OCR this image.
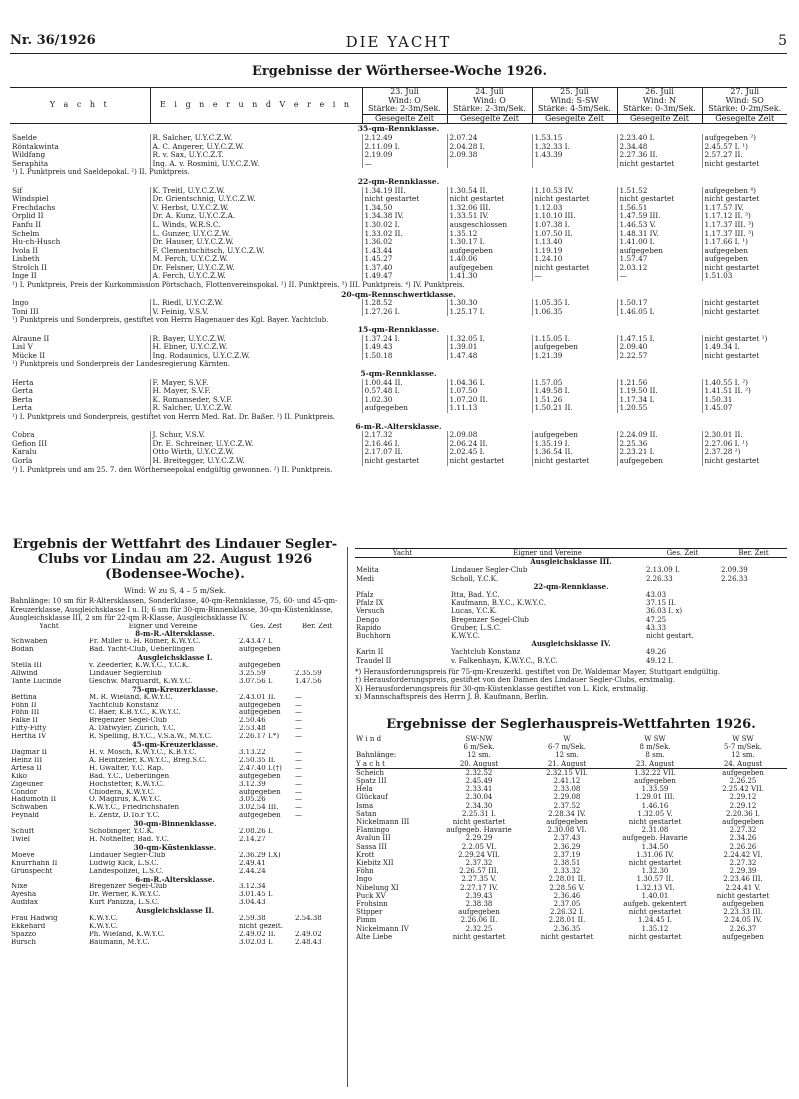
Nr. 36/1926	DIE YACHT	5
Ergebnisse der Wörthersee-Woche 1926.
Y a c h t	E i g n e r u n d V e r e i n	23. Juli	24. Juli	25. Juli	26. Juli	27. Juli
		Wind: O	Wind: O	Wind: S-SW	Wind: N	Wind: SO
		Stärke: 2-3m/Sek.	Stärke: 2-3m/Sek.	Stärke: 4-5m/Sek.	Stärke: 0-3m/Sek.	Stärke: 0-2m/Sek.
		Gesegelte Zeit	Gesegelte Zeit	Gesegelte Zeit	Gesegelte Zeit	Gesegelte Zeit
35-qm-Rennklasse.						
Saelde	R. Salcher, U.Y.C.Z.W.	2.12.49	2.07.24	1.53.15	2.23.40 I.	aufgegeben ²)
Röntakwinta	A. C. Angerer, U.Y.C.Z.W.	2.11.09 I.	2.04.28 I.	1.32.33 I.	2.34.48	2.45.57 I. ¹)
Wildfang	R. v. Sax, U.Y.C.Z.T.	2.19.09	2.09.38	1.43.39	2.27.36 II.	2.57.27 II.
Seraphita	Ing. A. v. Rosmini, U.Y.C.Z.W.	—			nicht gestartet	nicht gestartet
¹) I. Punktpreis und Saeldepokal. ²) II. Punktpreis.						
22-qm-Rennklasse.						
Sif	K. Treitl, U.Y.C.Z.W.	1.34.19 III.	1.30.54 II.	1.10.53 IV.	1.51.52	aufgegeben ⁴)
Windspiel	Dr. Grientschnig, U.Y.C.Z.W.	nicht gestartet	nicht gestartet	nicht gestartet	nicht gestartet	nicht gestartet
Frechdachs	V. Herbst, U.Y.C.Z.W.	1.34.50	1.32.06 III.	1.12.03	1.56.51	1.17.57 IV.
Orplid II	Dr. A. Kunz, U.Y.C.Z.A.	1.34.38 IV.	1.33.51 IV.	1.10.10 III.	1.47.59 III.	1.17.12 II. ³)
Fanfu II	L. Winds, W.R.S.C.	1.30.02 I.	ausgeschlossen	1.07.38 I.	1.46.53 V.	1.17.37 III. ³)
Schelm	L. Gunzer, U.Y.C.Z.W.	1.33.02 II.	1.35.12	1.07.50 II.	1.48.31 IV.	1.17.37 III. ³)
Hu-ch-Husch	Dr. Hauser, U.Y.C.Z.W.	1.36.02	1.30.17 I.	1.13.40	1.41.00 I.	1.17.66 I. ¹)
Ivola II	F. Clementschitsch, U.Y.C.Z.W.	1.43.44	aufgegeben	1.19.19	aufgegeben	aufgegeben
Lisbeth	M. Ferch, U.Y.C.Z.W.	1.45.27	1.40.06	1.24.10	1.57.47	aufgegeben
Strolch II	Dr. Felsner, U.Y.C.Z.W.	1.37.40	aufgegeben	nicht gestartet	2.03.12	nicht gestartet
Inge II	A. Ferch, U.Y.C.Z.W.	1.49.47	1.41.30	—	—	1.51.03
¹) I. Punktpreis, Preis der Kurkommission Pörtschach, Flottenvereinspokal. ²) II. Punktpreis. ³) III. Punktpreis. ⁴) IV. Punktpreis.						
20-qm-Rennschwertklasse.						
Ingo	L. Riedl, U.Y.C.Z.W.	1.28.52	1.30.30	1.05.35 I.	1.50.17	nicht gestartet
Toni III	V. Feinig, V.S.V.	1.27.26 I.	1.25.17 I.	1.06.35	1.46.05 I.	nicht gestartet
¹) Punktpreis und Sonderpreis, gestiftet von Herrn Hagenauer des Kgl. Bayer. Yachtclub.						
15-qm-Rennklasse.						
Alraune II	R. Bayer, U.Y.C.Z.W.	1.37.24 I.	1.32.05 I.	1.15.05 I.	1.47.15 I.	nicht gestartet ¹)
Lisl V	H. Ebner, U.Y.C.Z.W.	1.49.43	1.39.01	aufgegeben	2.09.40	1.49.34 I.
Mücke II	Ing. Rodaunics, U.Y.C.Z.W.	1.50.18	1.47.48	1.21.39	2.22.57	nicht gestartet
¹) Punktpreis und Sonderpreis der Landesregierung Kärnten.						
5-qm-Rennklasse.						
Herta	F. Mayer, S.V.F.	1.00.44 II.	1.04.36 I.	1.57.05	1.21.56	1.40.55 I. ²)
Gerta	H. Mayer, S.V.F.	0.57.48 I.	1.07.50	1.49.58 I.	1.19.50 II.	1.41.51 II. ²)
Berta	K. Romanseder, S.V.F.	1.02.30	1.07.20 II.	1.51.26	1.17.34 I.	1.50.31
Lerta	R. Salcher, U.Y.C.Z.W.	aufgegeben	1.11.13	1.50.21 II.	1.20.55	1.45.07
¹) I. Punktpreis und Sonderpreis, gestiftet von Herrn Med. Rat. Dr. Baßer. ²) II. Punktpreis.						
6-m-R.-Altersklasse.						
Cobra	J. Schur, V.S.V.	2.17.32	2.09.08	aufgegeben	2.24.09 II.	2.30.01 II.
Gefion III	Dr. E. Schreiner, U.Y.C.Z.W.	2.16.46 I.	2.06.24 II.	1.35.19 I.	2.25.36	2.27.06 I. ¹)
Karalu	Otto Wirth, U.Y.C.Z.W.	2.17.07 II.	2.02.45 I.	1.36.54 II.	2.23.21 I.	2.37.28 ²)
Gorla	H. Breitegger, U.Y.C.Z.W.	nicht gestartet	nicht gestartet	nicht gestartet	aufgegeben	nicht gestartet
¹) I. Punktpreis und am 25. 7. den Wörtherseepokal endgültig gewonnen. ²) II. Punktpreis.						
Ergebnis der Wettfahrt des Lindauer Segler-Clubs vor Lindau am 22. August 1926 (Bodensee-Woche).
Wind: W zu S, 4 – 5 m/Sek.
Bahnlänge: 10 sm für R-Altersklassen, Sonderklasse, 40-qm-Rennklasse, 75, 60- und 45-qm-Kreuzerklasse, Ausgleichsklasse I u. II; 6 sm für 30-qm-Binnenklasse, 30-qm-Küstenklasse, Ausgleichsklasse III, 2 sm für 22-qm R-Klasse, Ausgleichsklasse IV.
Yacht	Eigner und Vereine	Ges. Zeit	Ber. Zeit
8-m-R.-Altersklasse.			
Schwaben	Fr. Miller u. H. Römer, K.W.Y.C.	2.43.47 I.	
Bodan	Bad. Yacht-Club, Ueberlingen	aufgegeben	
Ausgleichsklasse I.			
Stella III	v. Zeederler, K.W.Y.C., Y.C.K.	aufgegeben	
Allwind	Lindauer Seglerclub	3.25.59	2.35.59
Tante Lucinde	Geschw. Marquardt, K.W.Y.C.	3.07.56 I.	1.47.56
75-qm-Kreuzerklasse.			
Bettina	M. R. Wieland, K.W.Y.C.	2.43.01 II.	—
Föhn II	Yachtclub Konstanz	aufgegeben	—
Föhn III	C. Baer, K.B.Y.C., K.W.Y.C.	aufgegeben	—
Falke II	Bregenzer Segel-Club	2.50.46	—
Fifty-Fifty	A. Dätwyler, Zürich, Y.C.	2.53.48	—
Hertha IV	R. Spelling, B.Y.C., V.S.a.W., M.Y.C.	2.26.17 I.*)	—
45-qm-Kreuzerklasse.			
Dagmar II	H. v. Mosch, K.W.Y.C., K.B.Y.C.	3.13.22	—
Heinz III	A. Heintzeler, K.W.Y.C., Breg.S.C.	2.50.35 II.	—
Artesa II	H. Gwalter, Y.C. Rap.	2.47.40 I.(†)	—
Kiko	Bad. Y.C., Ueberlingen	aufgegeben	—
Zigeuner	Hochstetter, K.W.Y.C.	3.12.39	—
Condor	Chiodera, K.W.Y.C.	aufgegeben	—
Hadumoth II	O. Magirus, K.W.Y.C.	3.05.26	—
Schwaben	K.W.Y.C., Friedrichshafen	3.02.54 III.	—
Feynald	E. Zentz, D.To.r Y.C.	aufgegeben	—
30-qm-Binnenklasse.			
Schuft	Schobinger, Y.C.K.	2.08.26 I.	
Twiel	H. Nothelfer, Bad. Y.C.	2.14.27	
30-qm-Küstenklasse.			
Moeve	Lindauer Segler-Club	2.36.29 I.X)	
Knurrhahn II	Ludwig Kick, L.S.C.	2.49.41	
Grünspecht	Landespolizei, L.S.C.	2.44.24	
6-m-R.-Altersklasse.			
Nixe	Bregenzer Segel-Club	3.12.34	
Ayesha	Dr. Werner, K.W.Y.C.	3.01.45 I.	
Audifax	Kurt Panizza, L.S.C.	3.04.43	
Ausgleichsklasse II.			
Frau Hadwig	K.W.Y.C.	2.59.38	2.54.38
Ekkehard	K.W.Y.C.	nicht gezeit.	
Spazzo	Ph. Wieland, K.W.Y.C.	2.49.02 II.	2.49.02
Bursch	Baumann, M.Y.C.	3.02.03 I.	2.48.43
Yacht	Eigner und Vereine	Ges. Zeit	Ber. Zeit
Ausgleichsklasse III.			
Melita	Lindauer Segler-Club	2.13.09 I.	2.09.39
Medi	Scholl, Y.C.K.	2.26.33	2.26.33
22-qm-Rennklasse.			
Pfalz	Itta, Bad. Y.C.	43.03	
Pfalz IX	Kaufmann, B.Y.C., K.W.Y.C.	37.15 II.	
Versuch	Lucas, Y.C.K.	36.03 I. x)	
Dengo	Bregenzer Segel-Club	47.25	
Rapido	Gruber, L.S.C.	43.33	
Buchhorn	K.W.Y.C.	nicht gestart.	
Ausgleichsklasse IV.			
Karin II	Yachtclub Konstanz	49.26	
Traudel II	v. Falkenhayn, K.W.Y.C., B.Y.C.	49.12 I.	
*) Herausforderungspreis für 75-qm-Kreuzerkl. gestiftet von Dr. Waldemar Mayer, Stuttgart endgültig.
†) Herausforderungspreis, gestiftet von den Damen des Lindauer Segler-Clubs, erstmalig.
X) Herausforderungspreis für 30-qm-Küstenklasse gestiftet von L. Kick, erstmalig.
x) Mannschaftspreis des Herrn J. B. Kaufmann, Berlin.
Ergebnisse der Seglerhauspreis-Wettfahrten 1926.
W i n d	SW-NW	W	W SW	W SW
	6 m/Sek.	6-7 m/Sek.	8 m/Sek.	5-7 m/Sek.
Bahnlänge:	12 sm.	12 sm.	8 sm.	12 sm.
Y a c h t	20. August	21. August	23. August	24. August
Scheich	2.32.52	2.32.15 VII.	1.32.22 VII.	aufgegeben
Spatz III	2.45.49	2.41.12	aufgegeben	2.26.25
Hela	2.33.41	2.33.08	1.33.59	2.25.42 VII.
Glückauf	2.30.04	2.29.08	1.29.01 III.	2.29.12
Isma	2.34.30	2.37.52	1.46.16	2.29.12
Satan	2.25.31 I.	2.28.34 IV.	1.32.05 V.	2.20.36 I.
Nickelmann III	nicht gestartet	aufgegeben	nicht gestartet	aufgegeben
Flamingo	aufgegeb. Havarie	2.30.08 VI.	2.31.08	2.27.32
Avalun III	2.29.29	2.37.43	aufgegeb. Havarie	2.34.26
Sassa III	2.2.05 VI.	2.36.29	1.34.50	2.26.26
Krott	2.29.24 VII.	2.37.19	1.31.06 IV.	2.24.42 VI.
Kiebitz XII	2.37.32	2.38.51	nicht gestartet	2.27.32
Föhn	2.26.57 III.	2.33.32	1.32.30	2.29.39
Ingo	2.27.35 V.	2.28.01 II.	1.30.57 II.	2.23.46 III.
Nibelung XI	2.27.17 IV.	2.28.56 V.	1.32.13 VI.	2.24.41 V.
Puck XV	2.39.43	2.36.46	1.40.01	nicht gestartet
Frohsinn	2.38.38	2.37.05	aufgeb. gekentert	aufgegeben
Stipper	aufgegeben	2.26.32 I.	nicht gestartet	2.23.33 III.
Pimm	2.26.06 II.	2.28.01 II.	1.24.45 I.	2.24.05 IV.
Nickelmann IV	2.32.25	2.36.35	1.35.12	2.26.37
Alte Liebe	nicht gestartet	nicht gestartet	nicht gestartet	aufgegeben
